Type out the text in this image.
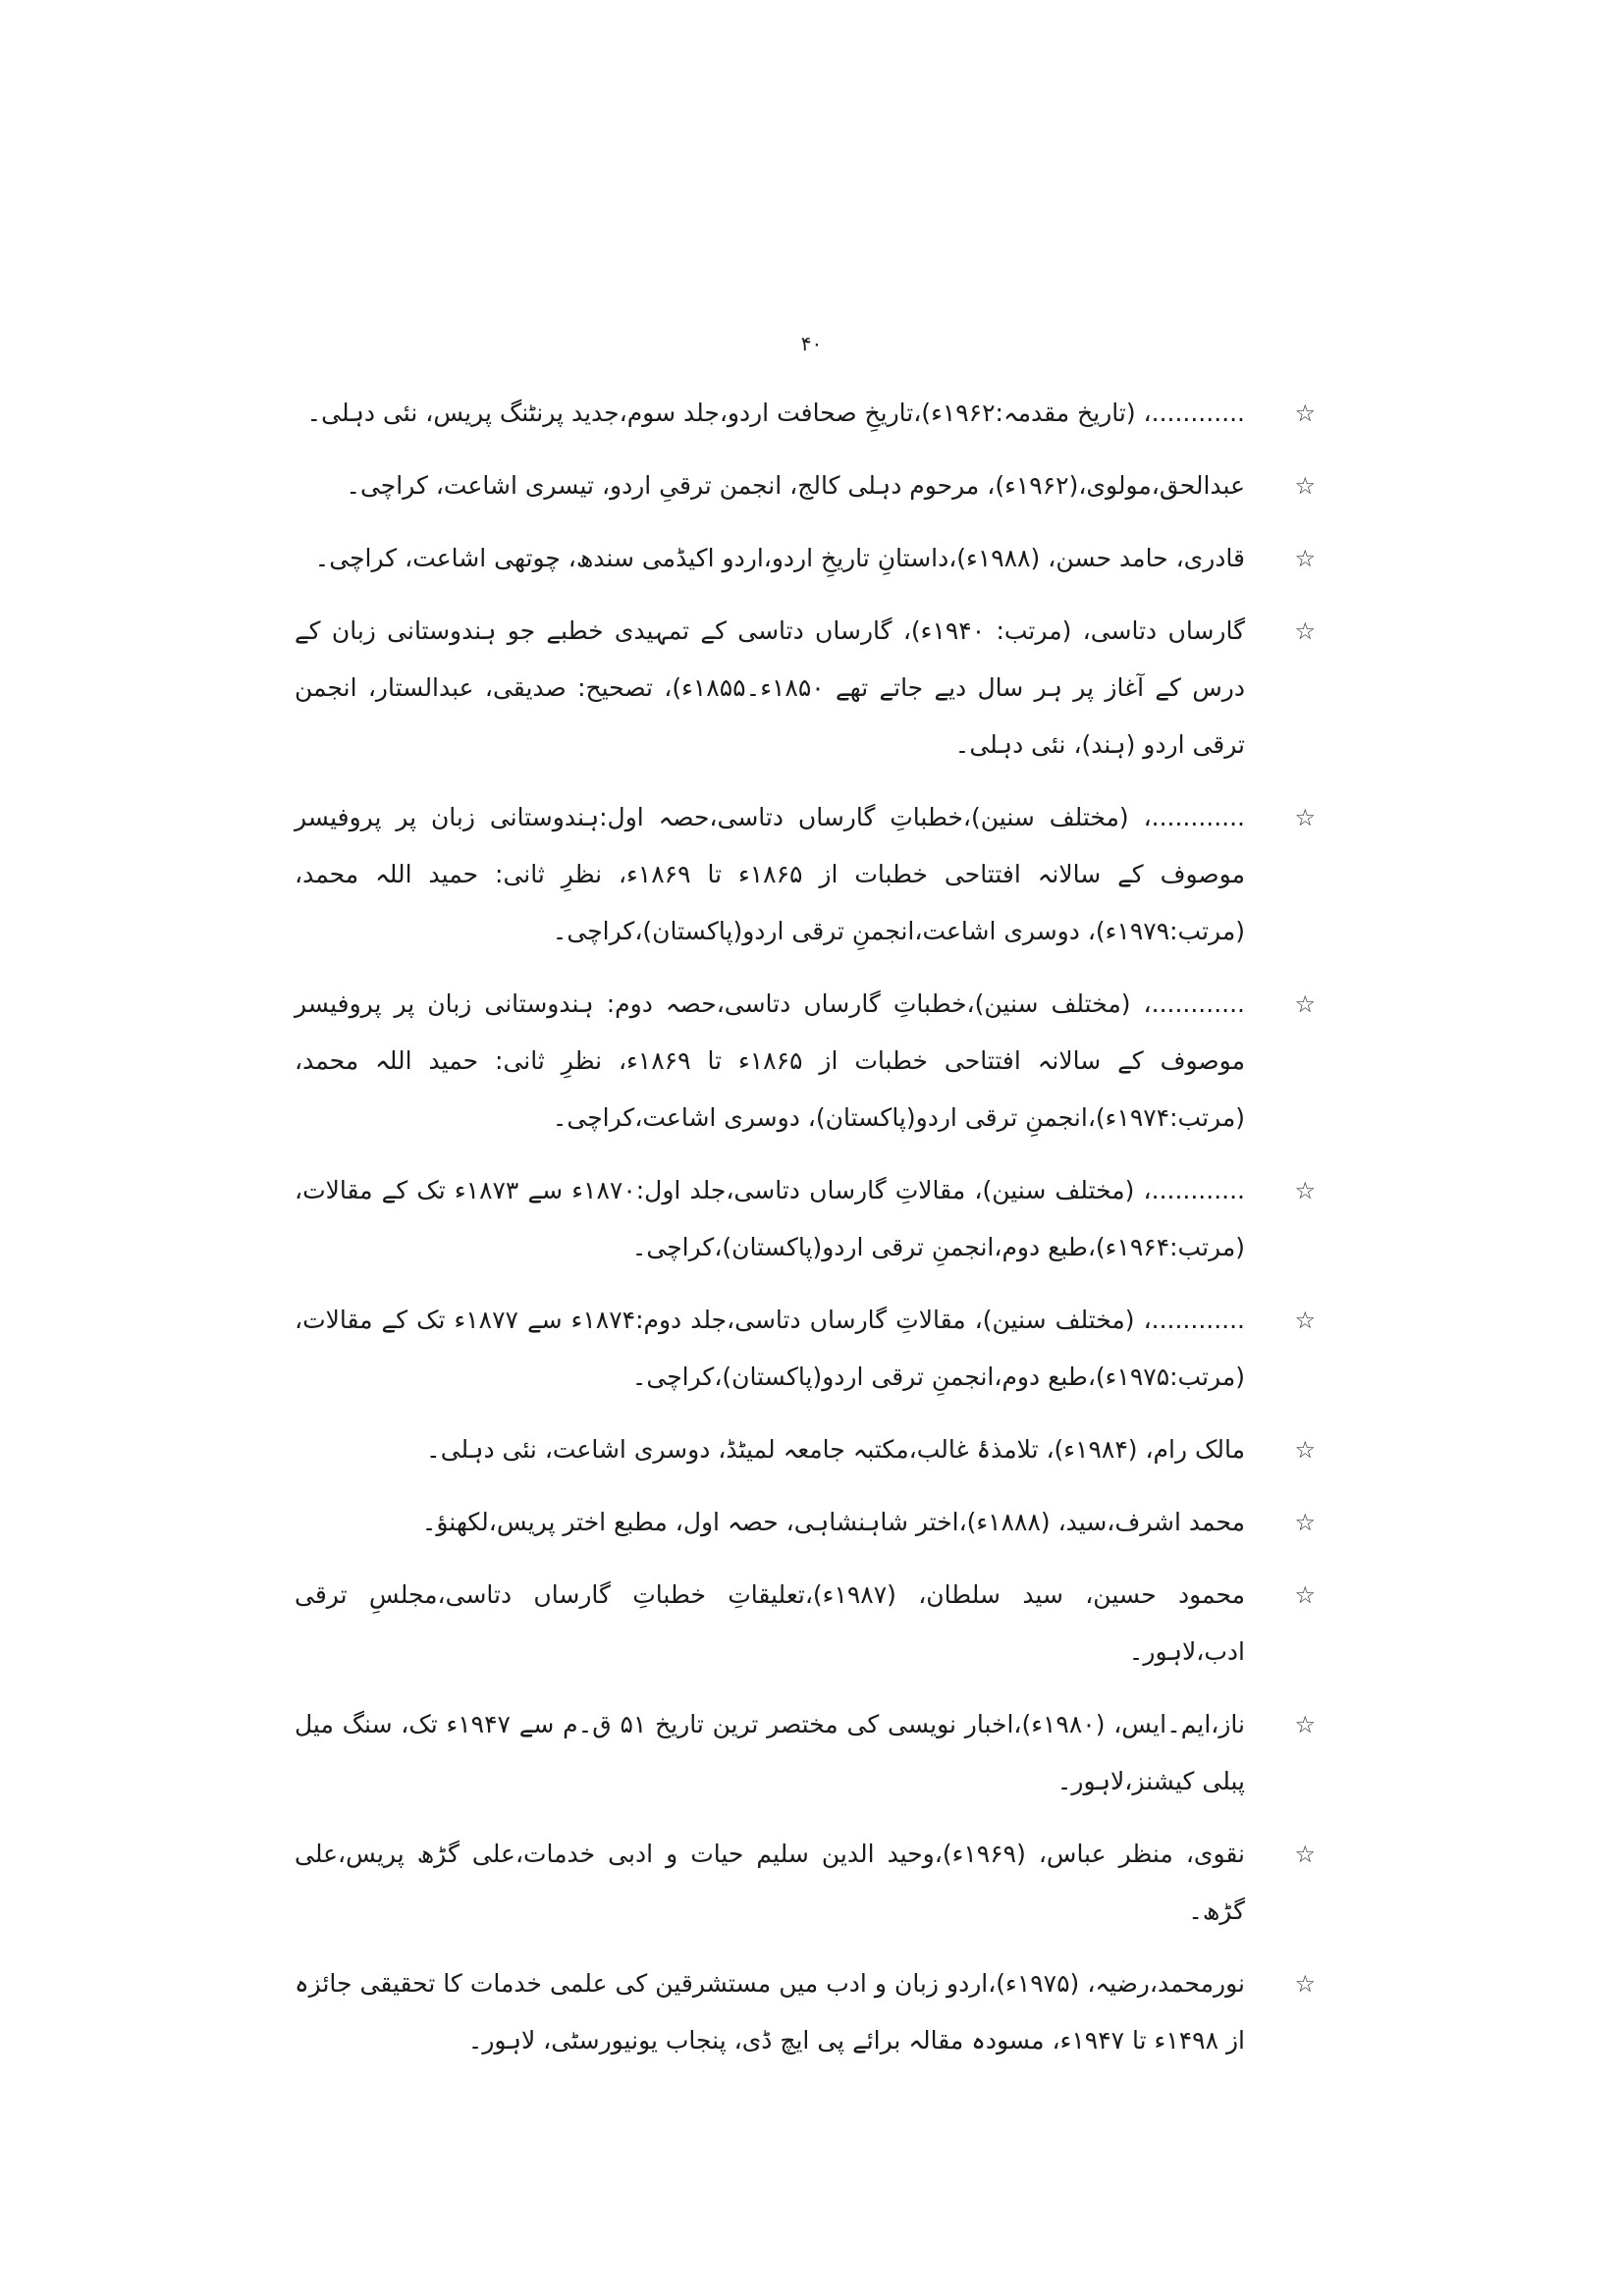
۴۰
☆
............، (تاریخ مقدمہ:۱۹۶۲ء)،تاریخِ صحافت اردو،جلد سوم،جدید پرنٹنگ پریس، نئی دہلی۔
☆
عبدالحق،مولوی،(۱۹۶۲ء)، مرحوم دہلی کالج، انجمن ترقیِ اردو، تیسری اشاعت، کراچی۔
☆
قادری، حامد حسن، (۱۹۸۸ء)،داستانِ تاریخِ اردو،اردو اکیڈمی سندھ، چوتھی اشاعت، کراچی۔
☆
گارساں دتاسی، (مرتب: ۱۹۴۰ء)، گارساں دتاسی کے تمہیدی خطبے جو ہندوستانی زبان کے درس کے آغاز پر ہر سال دیے جاتے تھے ۱۸۵۰ء۔۱۸۵۵ء)، تصحیح: صدیقی، عبدالستار، انجمن ترقی اردو (ہند)، نئی دہلی۔
☆
............، (مختلف سنین)،خطباتِ گارساں دتاسی،حصہ اول:ہندوستانی زبان پر پروفیسر موصوف کے سالانہ افتتاحی خطبات از ۱۸۶۵ء تا ۱۸۶۹ء، نظرِ ثانی: حمید اللہ محمد، (مرتب:۱۹۷۹ء)، دوسری اشاعت،انجمنِ ترقی اردو(پاکستان)،کراچی۔
☆
............، (مختلف سنین)،خطباتِ گارساں دتاسی،حصہ دوم: ہندوستانی زبان پر پروفیسر موصوف کے سالانہ افتتاحی خطبات از ۱۸۶۵ء تا ۱۸۶۹ء، نظرِ ثانی: حمید اللہ محمد، (مرتب:۱۹۷۴ء)،انجمنِ ترقی اردو(پاکستان)، دوسری اشاعت،کراچی۔
☆
............، (مختلف سنین)، مقالاتِ گارساں دتاسی،جلد اول:۱۸۷۰ء سے ۱۸۷۳ء تک کے مقالات، (مرتب:۱۹۶۴ء)،طبع دوم،انجمنِ ترقی اردو(پاکستان)،کراچی۔
☆
............، (مختلف سنین)، مقالاتِ گارساں دتاسی،جلد دوم:۱۸۷۴ء سے ۱۸۷۷ء تک کے مقالات، (مرتب:۱۹۷۵ء)،طبع دوم،انجمنِ ترقی اردو(پاکستان)،کراچی۔
☆
مالک رام، (۱۹۸۴ء)، تلامذۂ غالب،مکتبہ جامعہ لمیٹڈ، دوسری اشاعت، نئی دہلی۔
☆
محمد اشرف،سید، (۱۸۸۸ء)،اختر شاہنشاہی، حصہ اول، مطبع اختر پریس،لکھنؤ۔
☆
محمود حسین، سید سلطان، (۱۹۸۷ء)،تعلیقاتِ خطباتِ گارساں دتاسی،مجلسِ ترقی ادب،لاہور۔
☆
ناز،ایم۔ایس، (۱۹۸۰ء)،اخبار نویسی کی مختصر ترین تاریخ ۵۱ ق۔م سے ۱۹۴۷ء تک، سنگ میل پبلی کیشنز،لاہور۔
☆
نقوی، منظر عباس، (۱۹۶۹ء)،وحید الدین سلیم حیات و ادبی خدمات،علی گڑھ پریس،علی گڑھ۔
☆
نورمحمد،رضیہ، (۱۹۷۵ء)،اردو زبان و ادب میں مستشرقین کی علمی خدمات کا تحقیقی جائزہ از ۱۴۹۸ء تا ۱۹۴۷ء، مسودہ مقالہ برائے پی ایچ ڈی، پنجاب یونیورسٹی، لاہور۔
